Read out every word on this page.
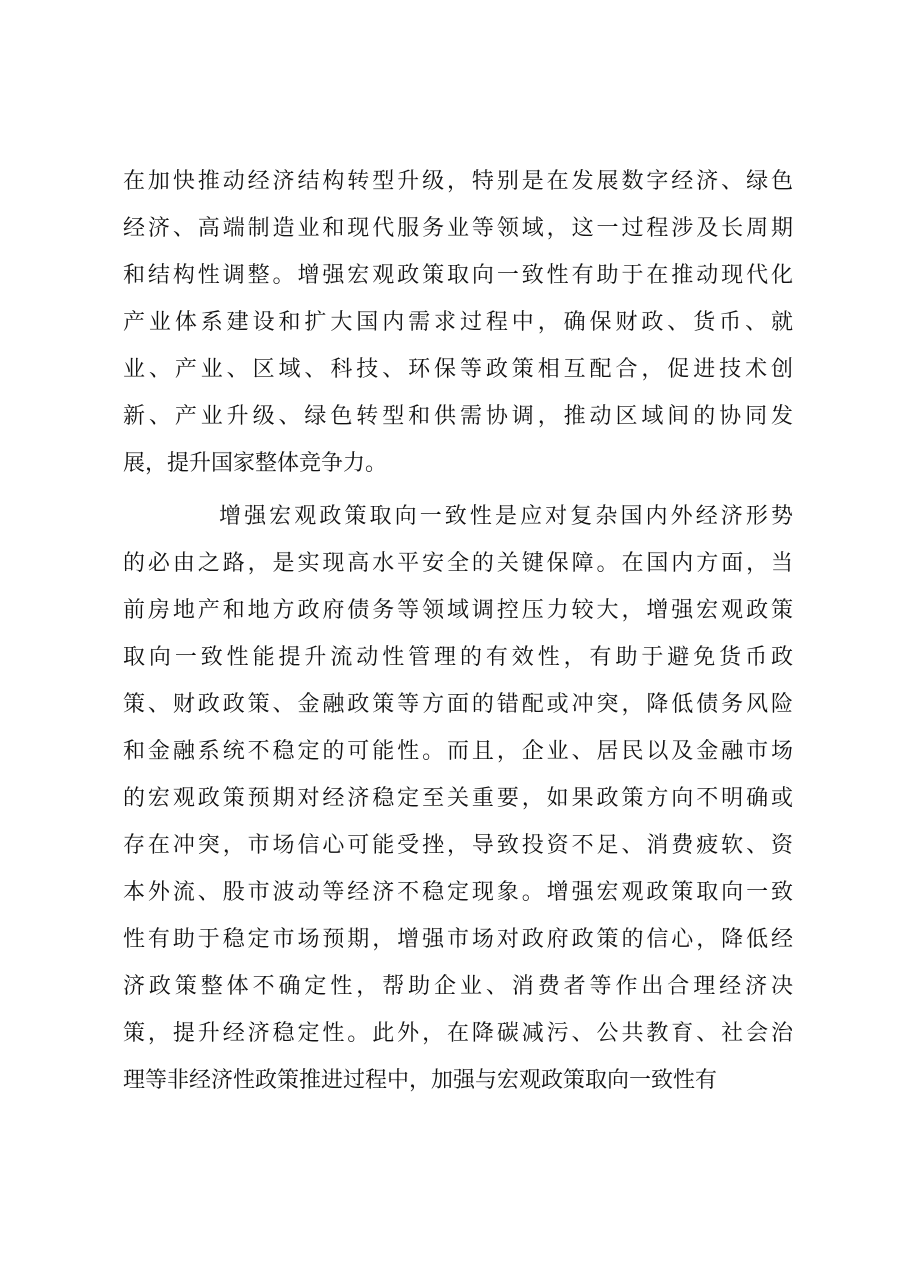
在加快推动经济结构转型升级，特别是在发展数字经济、绿色
经济、高端制造业和现代服务业等领域，这一过程涉及长周期
和结构性调整。增强宏观政策取向一致性有助于在推动现代化
产业体系建设和扩大国内需求过程中，确保财政、货币、就
业、产业、区域、科技、环保等政策相互配合，促进技术创
新、产业升级、绿色转型和供需协调，推动区域间的协同发
展，提升国家整体竞争力。
增强宏观政策取向一致性是应对复杂国内外经济形势
的必由之路，是实现高水平安全的关键保障。在国内方面，当
前房地产和地方政府债务等领域调控压力较大，增强宏观政策
取向一致性能提升流动性管理的有效性，有助于避免货币政
策、财政政策、金融政策等方面的错配或冲突，降低债务风险
和金融系统不稳定的可能性。而且，企业、居民以及金融市场
的宏观政策预期对经济稳定至关重要，如果政策方向不明确或
存在冲突，市场信心可能受挫，导致投资不足、消费疲软、资
本外流、股市波动等经济不稳定现象。增强宏观政策取向一致
性有助于稳定市场预期，增强市场对政府政策的信心，降低经
济政策整体不确定性，帮助企业、消费者等作出合理经济决
策，提升经济稳定性。此外，在降碳减污、公共教育、社会治
理等非经济性政策推进过程中，加强与宏观政策取向一致性有
